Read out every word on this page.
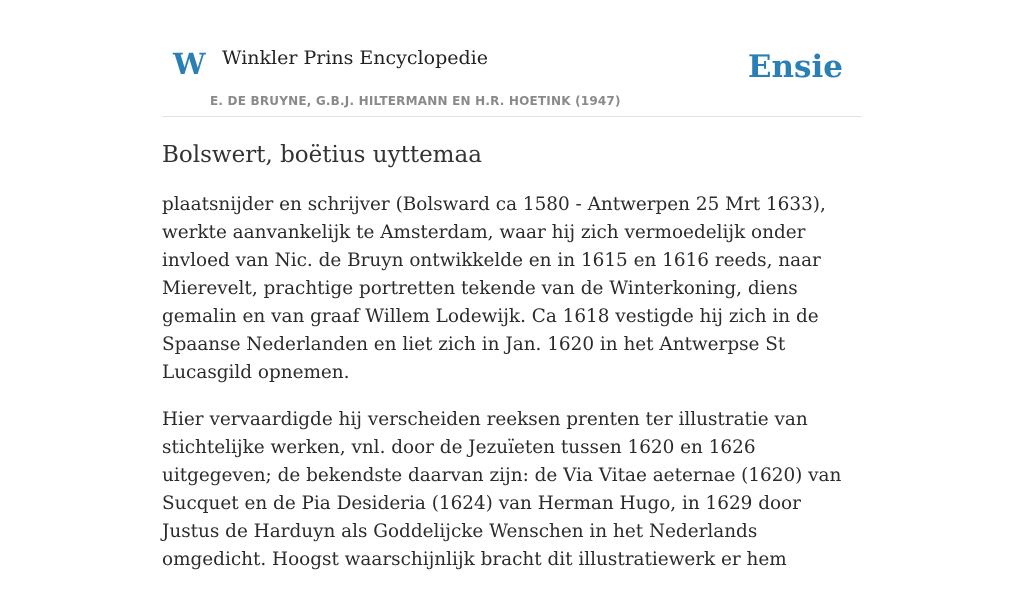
W Winkler Prins Encyclopedie
E. DE BRUYNE, G.B.J. HILTERMANN EN H.R. HOETINK (1947)
Ensie
Bolswert, boëtius uyttemaa

plaatsnijder en schrijver (Bolsward ca 1580 - Antwerpen 25 Mrt 1633), werkte aanvankelijk te Amsterdam, waar hij zich vermoedelijk onder invloed van Nic. de Bruyn ontwikkelde en in 1615 en 1616 reeds, naar Mierevelt, prachtige portretten tekende van de Winterkoning, diens gemalin en van graaf Willem Lodewijk. Ca 1618 vestigde hij zich in de Spaanse Nederlanden en liet zich in Jan. 1620 in het Antwerpse St Lucasgild opnemen.

Hier vervaardigde hij verscheiden reeksen prenten ter illustratie van stichtelijke werken, vnl. door de Jezuïeten tussen 1620 en 1626 uitgegeven; de bekendste daarvan zijn: de Via Vitae aeternae (1620) van Sucquet en de Pia Desideria (1624) van Herman Hugo, in 1629 door Justus de Harduyn als Goddelijcke Wenschen in het Nederlands omgedicht. Hoogst waarschijnlijk bracht dit illustratiewerk er hem
